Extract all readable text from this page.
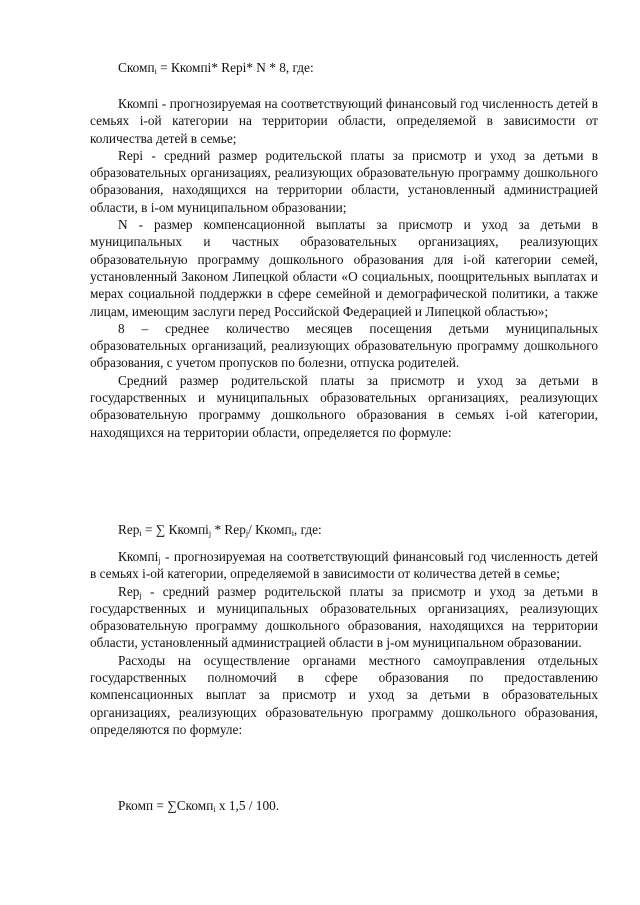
Скомп$_i$ = Ккомпi* Repi* N * 8, где:

Ккомпi - прогнозируемая на соответствующий финансовый год численность детей в семьях i-ой категории на территории области, определяемой в зависимости от количества детей в семье;

Repi - средний размер родительской платы за присмотр и уход за детьми в образовательных организациях, реализующих образовательную программу дошкольного образования, находящихся на территории области, установленный администрацией области, в i-ом муниципальном образовании;

N - размер компенсационной выплаты за присмотр и уход за детьми в муниципальных и частных образовательных организациях, реализующих образовательную программу дошкольного образования для i-ой категории семей, установленный Законом Липецкой области «О социальных, поощрительных выплатах и мерах социальной поддержки в сфере семейной и демографической политики, а также лицам, имеющим заслуги перед Российской Федерацией и Липецкой областью»;

8 – среднее количество месяцев посещения детьми муниципальных образовательных организаций, реализующих образовательную программу дошкольного образования, с учетом пропусков по болезни, отпуска родителей.

Средний размер родительской платы за присмотр и уход за детьми в государственных и муниципальных образовательных организациях, реализующих образовательную программу дошкольного образования в семьях i-ой категории, находящихся на территории области, определяется по формуле:

Rep$_i$ = ∑ Ккомпi$_j$ * Rep$_j$/ Ккомп$_i$, где:

Ккомпi$_j$ - прогнозируемая на соответствующий финансовый год численность детей в семьях i-ой категории, определяемой в зависимости от количества детей в семье;

Rep$_j$ - средний размер родительской платы за присмотр и уход за детьми в государственных и муниципальных образовательных организациях, реализующих образовательную программу дошкольного образования, находящихся на территории области, установленный администрацией области в j-ом муниципальном образовании.

Расходы на осуществление органами местного самоуправления отдельных государственных полномочий в сфере образования по предоставлению компенсационных выплат за присмотр и уход за детьми в образовательных организациях, реализующих образовательную программу дошкольного образования, определяются по формуле:

Ркомп = ∑Скомп$_i$ х 1,5 / 100.
